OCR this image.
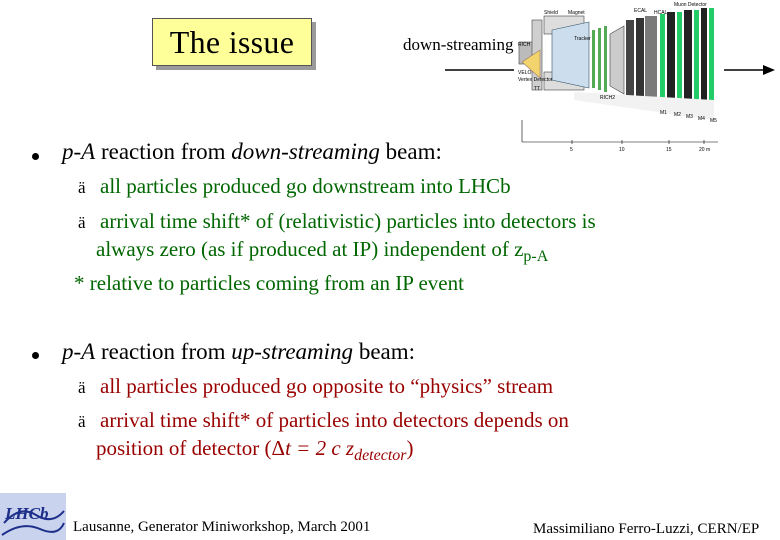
The issue	down-streaming
Shield Magnet	ECAL HCAL
Muon Detector
RICH
Tracker
VELO
Vertex Detector
TT
RICH2
M1 M2 M3 M4 M5
5	10	15	20 m
p-A reaction from down-streaming beam:
ä all particles produced go downstream into LHCb
ä arrival time shift* of (relativistic) particles into detectors is
always zero (as if produced at IP) independent of $z_{p-A}$
* relative to particles coming from an IP event
p-A reaction from up-streaming beam:
ä all particles produced go opposite to “physics” stream
ä arrival time shift* of particles into detectors depends on
position of detector (Δt = 2 c $z_{detector}$)
LHCb
Lausanne, Generator Miniworkshop, March 2001	Massimiliano Ferro-Luzzi, CERN/EP
